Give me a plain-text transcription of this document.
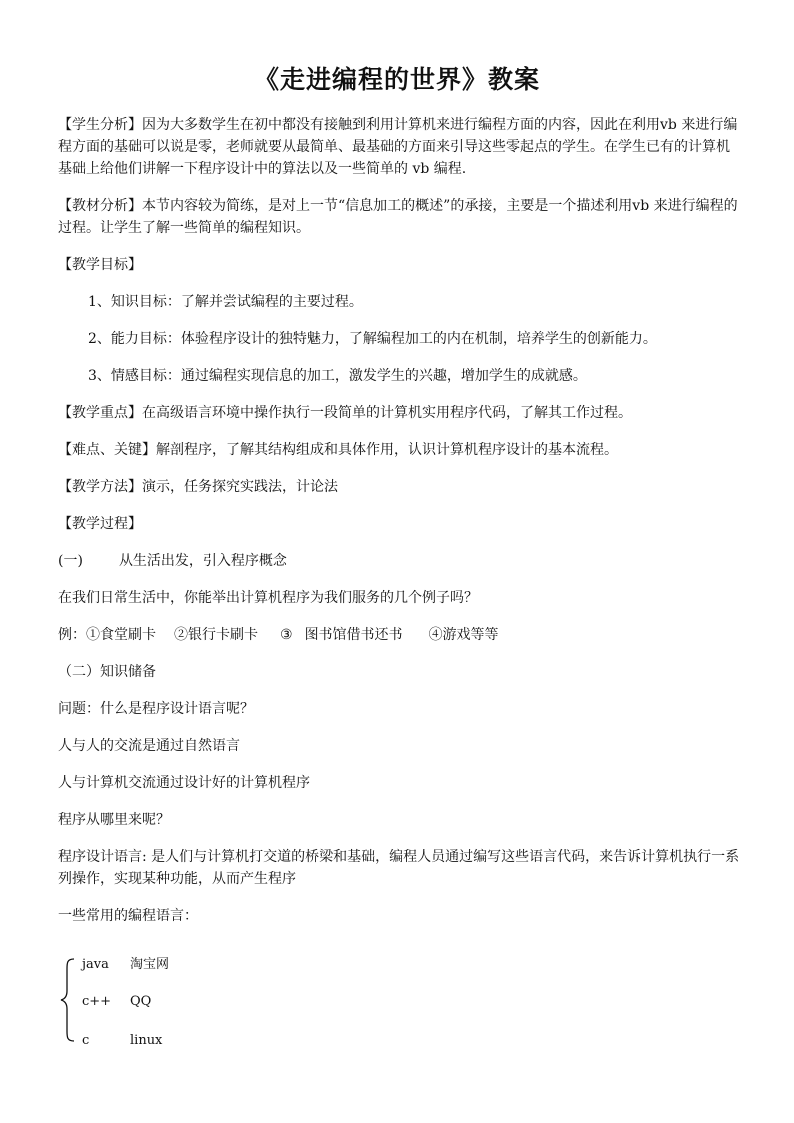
《走进编程的世界》教案

【学生分析】因为大多数学生在初中都没有接触到利用计算机来进行编程方面的内容，因此在利用vb 来进行编程方面的基础可以说是零，老师就要从最简单、最基础的方面来引导这些零起点的学生。在学生已有的计算机基础上给他们讲解一下程序设计中的算法以及一些简单的 vb 编程.

【教材分析】本节内容较为简练，是对上一节“信息加工的概述”的承接，主要是一个描述利用vb 来进行编程的过程。让学生了解一些简单的编程知识。

【教学目标】

1、知识目标：了解并尝试编程的主要过程。

2、能力目标：体验程序设计的独特魅力，了解编程加工的内在机制，培养学生的创新能力。

3、情感目标：通过编程实现信息的加工，激发学生的兴趣，增加学生的成就感。

【教学重点】在高级语言环境中操作执行一段简单的计算机实用程序代码，了解其工作过程。

【难点、关键】解剖程序，了解其结构组成和具体作用，认识计算机程序设计的基本流程。

【教学方法】演示，任务探究实践法，计论法

【教学过程】

(一)	从生活出发，引入程序概念

在我们日常生活中，你能举出计算机程序为我们服务的几个例子吗？

例：①食堂刷卡 ②银行卡刷卡 ③ 图书馆借书还书 ④游戏等等

（二）知识储备

问题：什么是程序设计语言呢？

人与人的交流是通过自然语言

人与计算机交流通过设计好的计算机程序

程序从哪里来呢？

程序设计语言: 是人们与计算机打交道的桥梁和基础，编程人员通过编写这些语言代码，来告诉计算机执行一系列操作，实现某种功能，从而产生程序

一些常用的编程语言：

java 淘宝网
c++ QQ
c	linux
